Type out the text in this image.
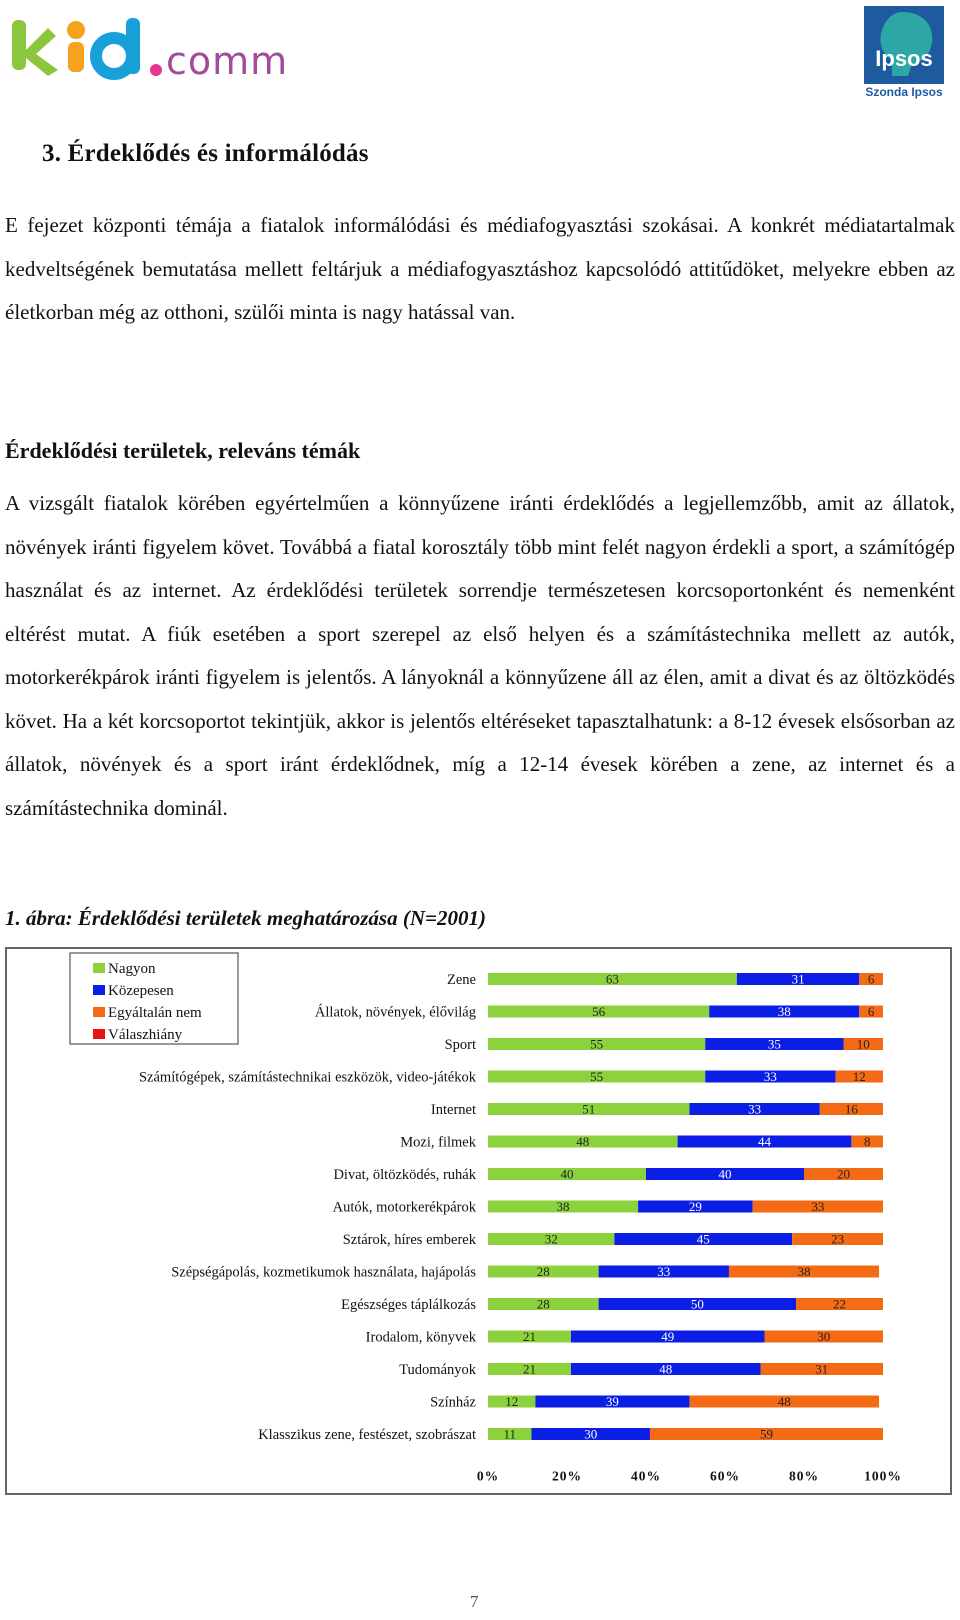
comm	Ipsos
Szonda Ipsos
3. Érdeklődés és informálódás

E fejezet központi témája a fiatalok informálódási és médiafogyasztási szokásai. A konkrét médiatartalmak kedveltségének bemutatása mellett feltárjuk a médiafogyasztáshoz kapcsolódó attitűdöket, melyekre ebben az életkorban még az otthoni, szülői minta is nagy hatással van.

Érdeklődési területek, releváns témák

A vizsgált fiatalok körében egyértelműen a könnyűzene iránti érdeklődés a legjellemzőbb, amit az állatok, növények iránti figyelem követ. Továbbá a fiatal korosztály több mint felét nagyon érdekli a sport, a számítógép használat és az internet. Az érdeklődési területek sorrendje természetesen korcsoportonként és nemenként eltérést mutat. A fiúk esetében a sport szerepel az első helyen és a számítástechnika mellett az autók, motorkerékpárok iránti figyelem is jelentős. A lányoknál a könnyűzene áll az élen, amit a divat és az öltözködés követ. Ha a két korcsoportot tekintjük, akkor is jelentős eltéréseket tapasztalhatunk: a 8-12 évesek elsősorban az állatok, növények és a sport iránt érdeklődnek, míg a 12-14 évesek körében a zene, az internet és a számítástechnika dominál.

1. ábra: Érdeklődési területek meghatározása (N=2001)
Nagyon
Közepesen
Egyáltalán nem
Válaszhiány
Zene	63	31	6
Állatok, növények, élővilág	56	38	6
Sport	55	35	10
Számítógépek, számítástechnikai eszközök, video-játékok	55	33	12
Internet	51	33	16
Mozi, filmek	48	44	8
Divat, öltözködés, ruhák	40	40	20
Autók, motorkerékpárok	38	29	33
Sztárok, híres emberek	32	45	23
Szépségápolás, kozmetikumok használata, hajápolás	28	33	38
Egészséges táplálkozás	28	50	22
Irodalom, könyvek	21	49	30
Tudományok	21	48	31
Színház 12	39	48
Klasszikus zene, festészet, szobrászat 11	30	59
0%	20%	40%	60%	80%	100%
7
